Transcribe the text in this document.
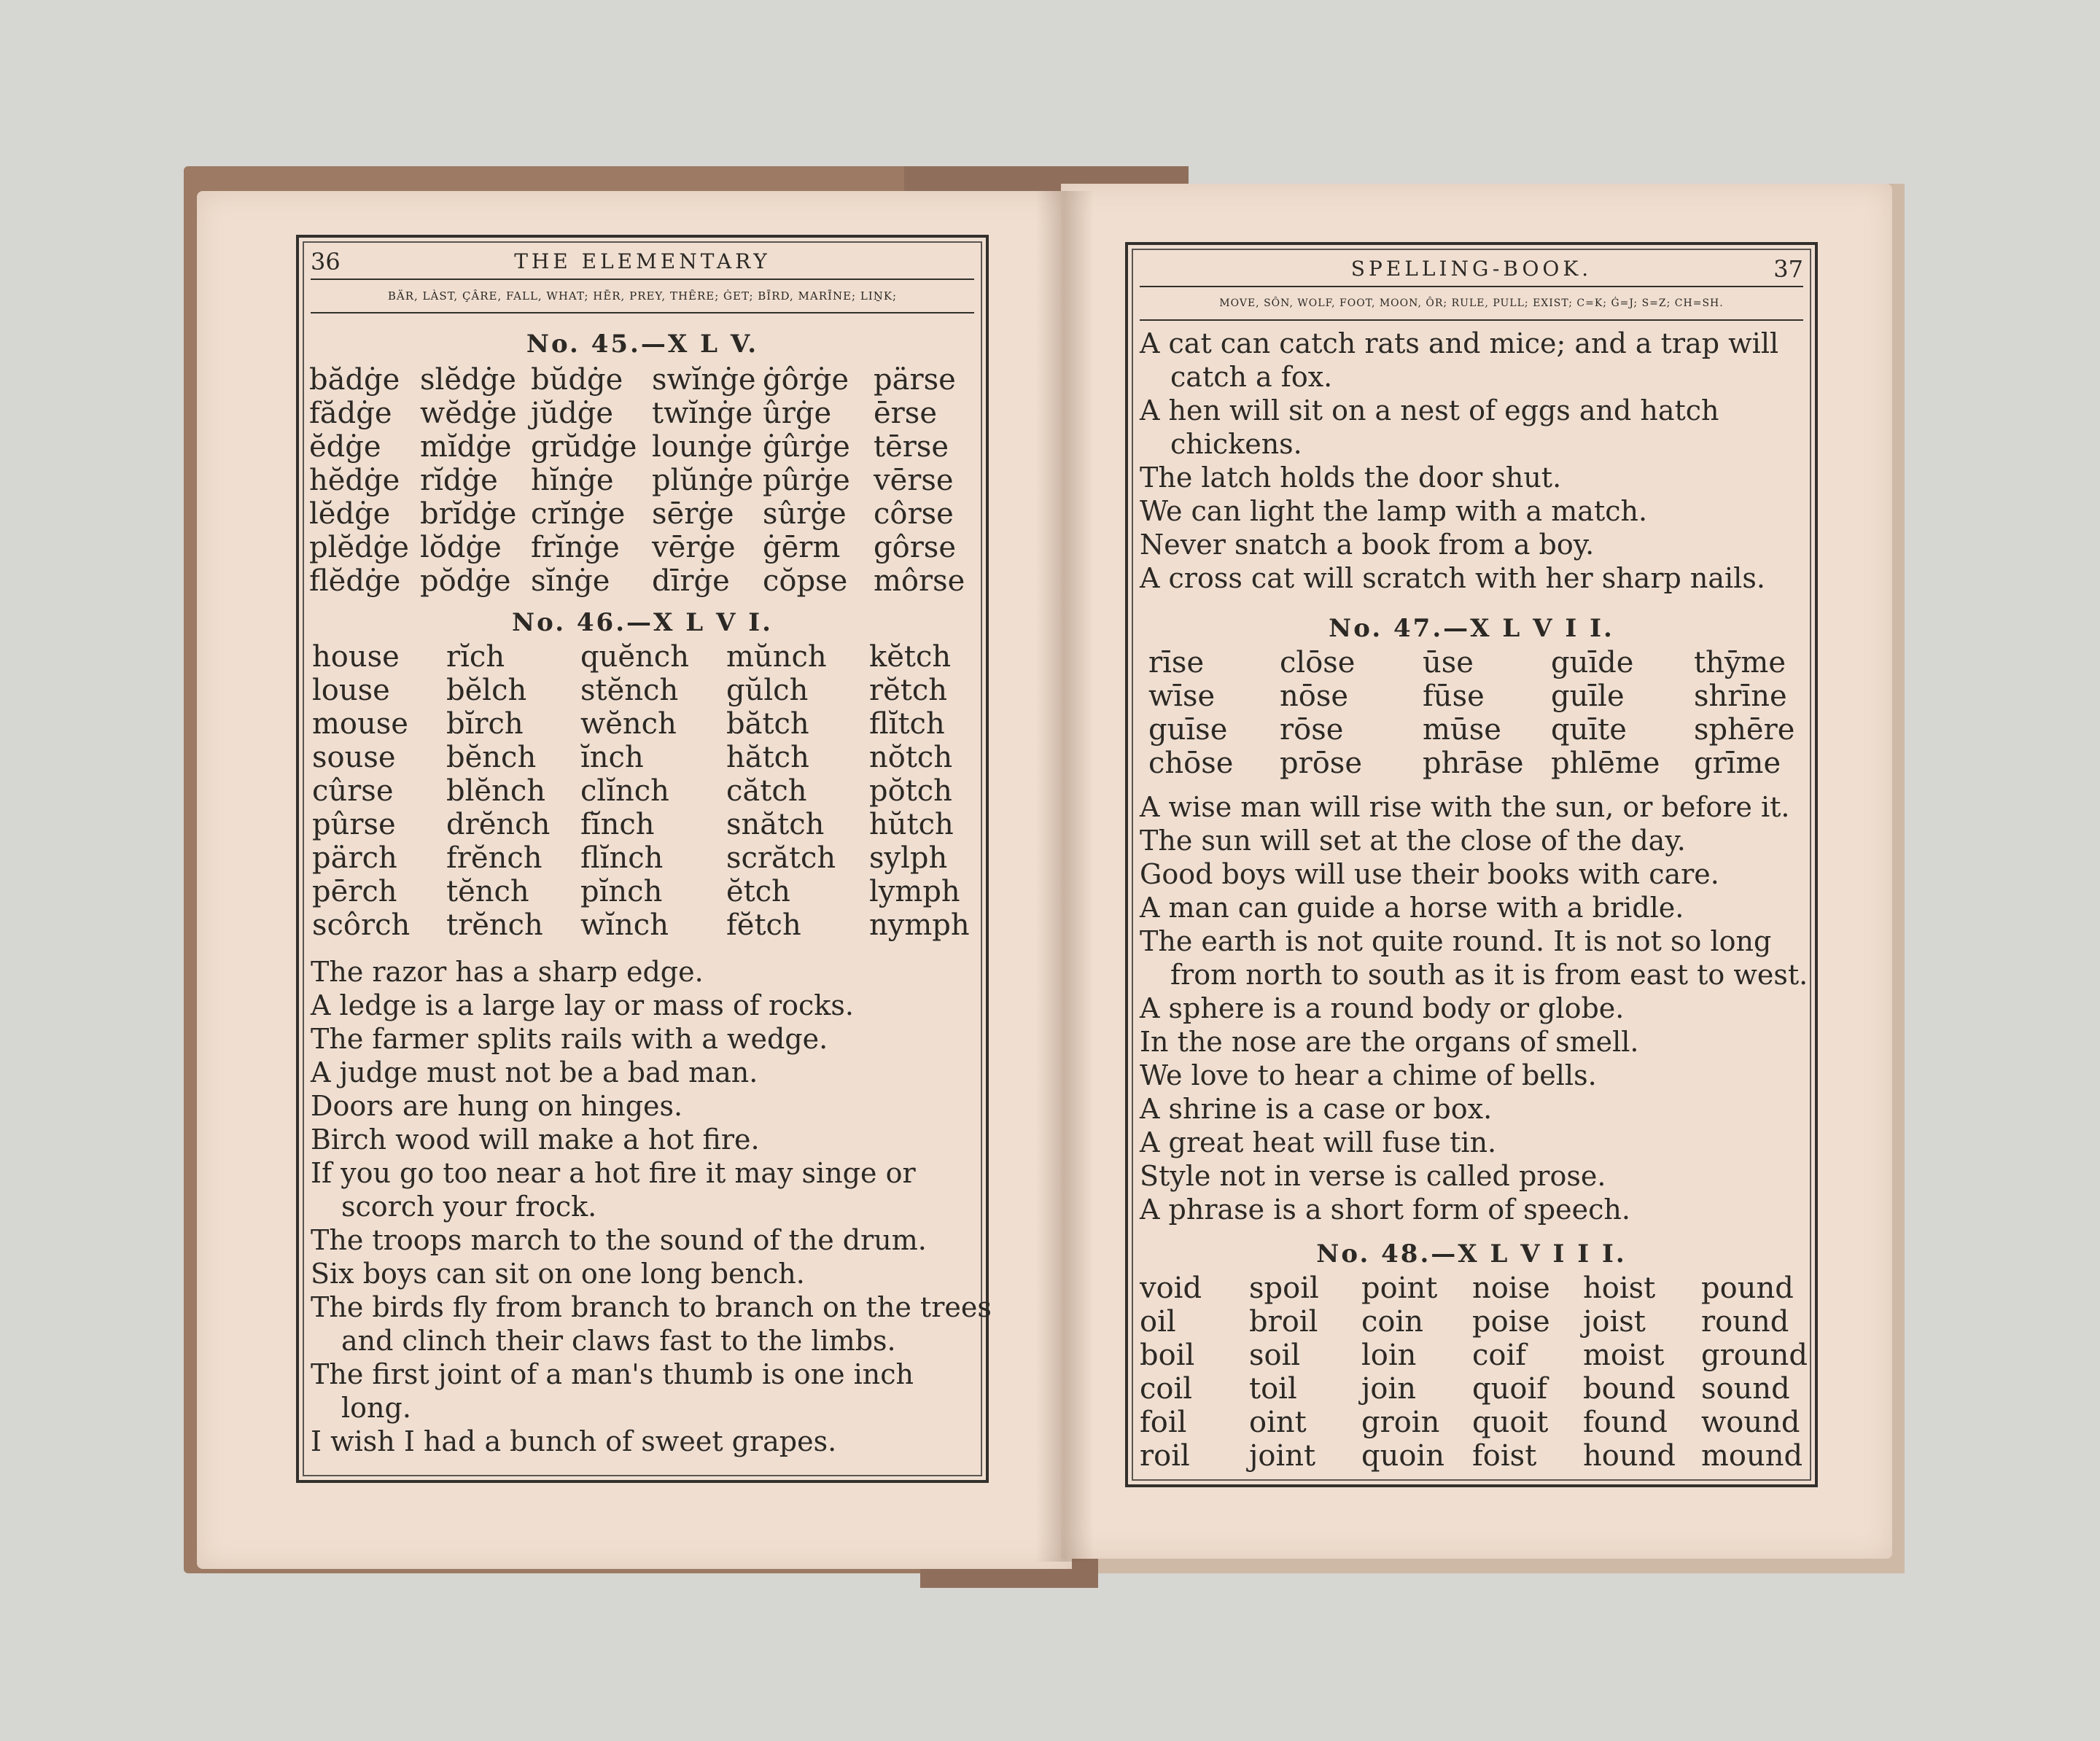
36	THE ELEMENTARY
BÄR, LÀST, ÇÂRE, FALL, WHAT; HĒR, PREY, THÊRE; ĠET; BĪRD, MARĪNE; LIṈK;
No. 45.—X L V.
bădġe slĕdġe bŭdġe swĭnġe ġôrġe pärse
fădġe wĕdġe jŭdġe	twĭnġe ûrġe	ērse
ĕdġe	mĭdġe grŭdġe lounġe ġûrġe tērse
hĕdġe rĭdġe	hĭnġe	plŭnġe pûrġe vērse
lĕdġe	brĭdġe crĭnġe sērġe sûrġe côrse
plĕdġe lŏdġe	frĭnġe	vērġe ġērm	gôrse
flĕdġe pŏdġe sĭnġe	dīrġe	cŏpse môrse
No. 46.—X L V I.
house	rĭch	quĕnch	mŭnch	kĕtch
louse	bĕlch	stĕnch	gŭlch	rĕtch
mouse	bĭrch	wĕnch	bătch	flĭtch
souse	bĕnch	ĭnch	hătch	nŏtch
cûrse	blĕnch	clĭnch	cătch	pŏtch
pûrse	drĕnch	fĭnch	snătch	hŭtch
pärch	frĕnch	flĭnch	scrătch	sylph
pērch	tĕnch	pĭnch	ĕtch	lymph
scôrch	trĕnch	wĭnch	fĕtch	nymph
The razor has a sharp edge.
A ledge is a large lay or mass of rocks.
The farmer splits rails with a wedge.
A judge must not be a bad man.
Doors are hung on hinges.
Birch wood will make a hot fire.
If you go too near a hot fire it may singe or
scorch your frock.
The troops march to the sound of the drum.
Six boys can sit on one long bench.
The birds fly from branch to branch on the trees
and clinch their claws fast to the limbs.
The first joint of a man's thumb is one inch
long.
I wish I had a bunch of sweet grapes.
SPELLING-BOOK.	37
MOVE, SÔN, WOLF, FOOT, MOON, ÔR; RULE, PULL; EXIST; C=K; Ġ=J; S=Z; CH=SH.
A cat can catch rats and mice; and a trap will
catch a fox.
A hen will sit on a nest of eggs and hatch
chickens.
The latch holds the door shut.
We can light the lamp with a match.
Never snatch a book from a boy.
A cross cat will scratch with her sharp nails.
No. 47.—X L V I I.
rīse	clōse	ūse	guīde	thȳme
wīse	nōse	fūse	guīle	shrīne
guīse	rōse	mūse	quīte	sphēre
chōse	prōse	phrāse phlēme	grīme
A wise man will rise with the sun, or before it.
The sun will set at the close of the day.
Good boys will use their books with care.
A man can guide a horse with a bridle.
The earth is not quite round. It is not so long
from north to south as it is from east to west.
A sphere is a round body or globe.
In the nose are the organs of smell.
We love to hear a chime of bells.
A shrine is a case or box.
A great heat will fuse tin.
Style not in verse is called prose.
A phrase is a short form of speech.
No. 48.—X L V I I I.
void	spoil	point	noise	hoist	pound
oil	broil	coin	poise	joist	round
boil	soil	loin	coif	moist	ground
coil	toil	join	quoif	bound sound
foil	oint	groin	quoit	found	wound
roil	joint	quoin foist	hound mound
